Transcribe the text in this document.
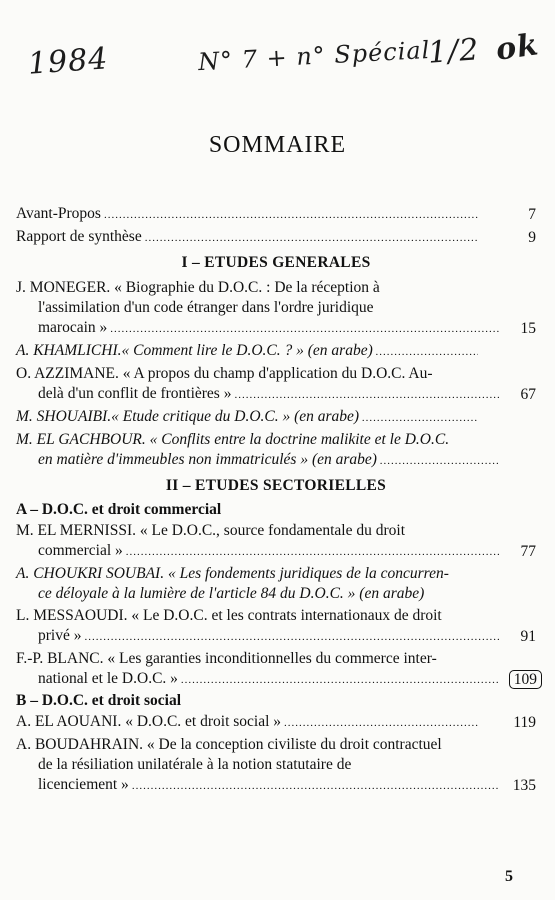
1984	N° 7 + n° Spécial
1/2 ok
SOMMAIRE
Avant-Propos .....	7
Rapport de synthèse .....	9
I – ETUDES GENERALES
J. MONEGER. « Biographie du D.O.C. : De la réception à
l'assimilation d'un code étranger dans l'ordre juridique
marocain » .....	15
A. KHAMLICHI. « Comment lire le D.O.C. ? » (en arabe)
.....
O. AZZIMANE. « A propos du champ d'application du D.O.C. Au-
delà d'un conflit de frontières » .....	67
M. SHOUAIBI. « Etude critique du D.O.C. » (en arabe)
.....
M. EL GACHBOUR. « Conflits entre la doctrine malikite et le D.O.C.
en matière d'immeubles non immatriculés » (en arabe)
.....
II – ETUDES SECTORIELLES
A – D.O.C. et droit commercial
M. EL MERNISSI. « Le D.O.C., source fondamentale du droit
commercial » .....	77
A. CHOUKRI SOUBAI. « Les fondements juridiques de la concurren-
ce déloyale à la lumière de l'article 84 du D.O.C. » (en arabe)
L. MESSAOUDI. « Le D.O.C. et les contrats internationaux de droit
privé » .....	91
F.-P. BLANC. « Les garanties inconditionnelles du commerce inter-
national et le D.O.C. » .....	109
B – D.O.C. et droit social
A. EL AOUANI. « D.O.C. et droit social » .....	119
A. BOUDAHRAIN. « De la conception civiliste du droit contractuel
de la résiliation unilatérale à la notion statutaire de
licenciement » .....	135
5
